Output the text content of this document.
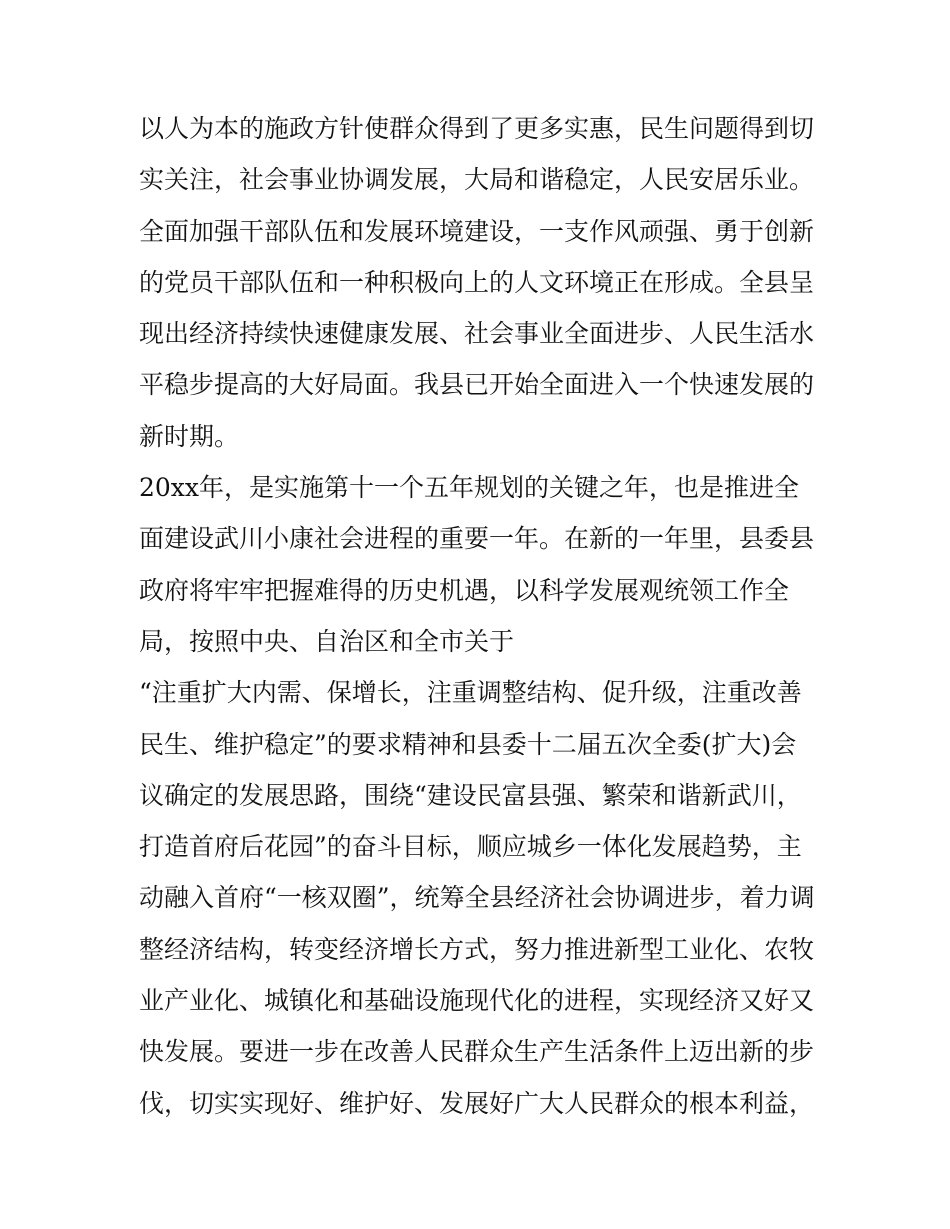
以人为本的施政方针使群众得到了更多实惠，民生问题得到切
实关注，社会事业协调发展，大局和谐稳定，人民安居乐业。
全面加强干部队伍和发展环境建设，一支作风顽强、勇于创新
的党员干部队伍和一种积极向上的人文环境正在形成。全县呈
现出经济持续快速健康发展、社会事业全面进步、人民生活水
平稳步提高的大好局面。我县已开始全面进入一个快速发展的
新时期。
20xx年，是实施第十一个五年规划的关键之年，也是推进全
面建设武川小康社会进程的重要一年。在新的一年里，县委县
政府将牢牢把握难得的历史机遇，以科学发展观统领工作全
局，按照中央、自治区和全市关于
“注重扩大内需、保增长，注重调整结构、促升级，注重改善
民生、维护稳定”的要求精神和县委十二届五次全委(扩大)会
议确定的发展思路，围绕“建设民富县强、繁荣和谐新武川，
打造首府后花园”的奋斗目标，顺应城乡一体化发展趋势，主
动融入首府“一核双圈”，统筹全县经济社会协调进步，着力调
整经济结构，转变经济增长方式，努力推进新型工业化、农牧
业产业化、城镇化和基础设施现代化的进程，实现经济又好又
快发展。要进一步在改善人民群众生产生活条件上迈出新的步
伐，切实实现好、维护好、发展好广大人民群众的根本利益，
